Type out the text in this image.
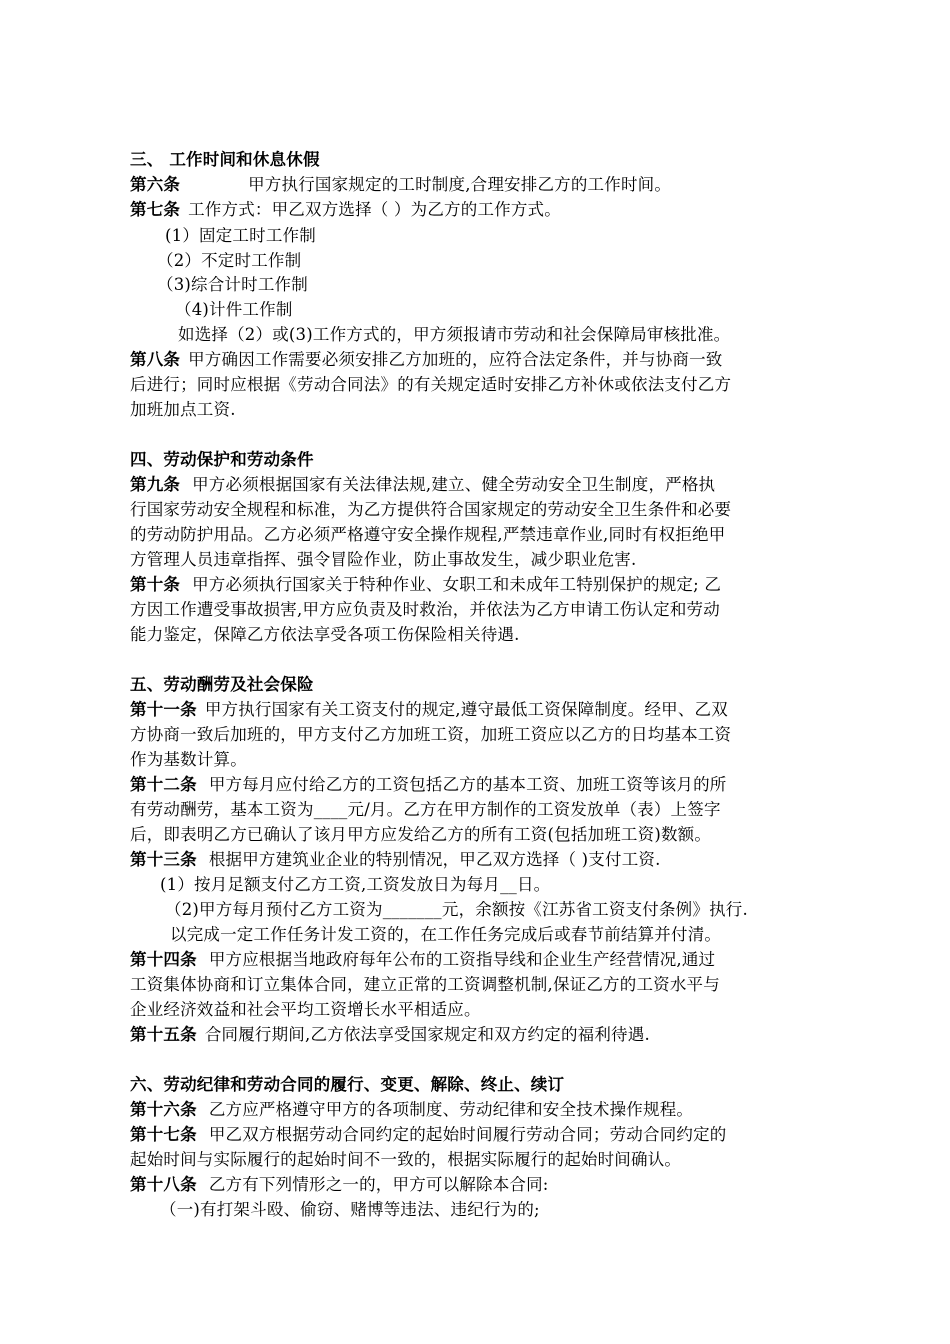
三、 工作时间和休息休假
第六条	甲方执行国家规定的工时制度,合理安排乙方的工作时间。
第七条 工作方式：甲乙双方选择（ ）为乙方的工作方式。
(1）固定工时工作制
（2）不定时工作制
（3)综合计时工作制
（4)计件工作制
如选择（2）或(3)工作方式的，甲方须报请市劳动和社会保障局审核批准。
第八条 甲方确因工作需要必须安排乙方加班的，应符合法定条件，并与协商一致
后进行；同时应根据《劳动合同法》的有关规定适时安排乙方补休或依法支付乙方
加班加点工资.
四、劳动保护和劳动条件
第九条 甲方必须根据国家有关法律法规,建立、健全劳动安全卫生制度，严格执
行国家劳动安全规程和标准，为乙方提供符合国家规定的劳动安全卫生条件和必要
的劳动防护用品。乙方必须严格遵守安全操作规程,严禁违章作业,同时有权拒绝甲
方管理人员违章指挥、强令冒险作业，防止事故发生，减少职业危害.
第十条 甲方必须执行国家关于特种作业、女职工和未成年工特别保护的规定; 乙
方因工作遭受事故损害,甲方应负责及时救治，并依法为乙方申请工伤认定和劳动
能力鉴定，保障乙方依法享受各项工伤保险相关待遇.
五、劳动酬劳及社会保险
第十一条 甲方执行国家有关工资支付的规定,遵守最低工资保障制度。经甲、乙双
方协商一致后加班的，甲方支付乙方加班工资，加班工资应以乙方的日均基本工资
作为基数计算。
第十二条 甲方每月应付给乙方的工资包括乙方的基本工资、加班工资等该月的所
有劳动酬劳，基本工资为____元/月。乙方在甲方制作的工资发放单（表）上签字
后，即表明乙方已确认了该月甲方应发给乙方的所有工资(包括加班工资)数额。
第十三条 根据甲方建筑业企业的特别情况，甲乙双方选择（ )支付工资.
(1）按月足额支付乙方工资,工资发放日为每月__日。
（2)甲方每月预付乙方工资为_______元，余额按《江苏省工资支付条例》执行.
以完成一定工作任务计发工资的，在工作任务完成后或春节前结算并付清。
第十四条 甲方应根据当地政府每年公布的工资指导线和企业生产经营情况,通过
工资集体协商和订立集体合同，建立正常的工资调整机制,保证乙方的工资水平与
企业经济效益和社会平均工资增长水平相适应。
第十五条 合同履行期间,乙方依法享受国家规定和双方约定的福利待遇.
六、劳动纪律和劳动合同的履行、变更、解除、终止、续订
第十六条 乙方应严格遵守甲方的各项制度、劳动纪律和安全技术操作规程。
第十七条 甲乙双方根据劳动合同约定的起始时间履行劳动合同；劳动合同约定的
起始时间与实际履行的起始时间不一致的，根据实际履行的起始时间确认。
第十八条 乙方有下列情形之一的，甲方可以解除本合同:
（一)有打架斗殴、偷窃、赌博等违法、违纪行为的;
